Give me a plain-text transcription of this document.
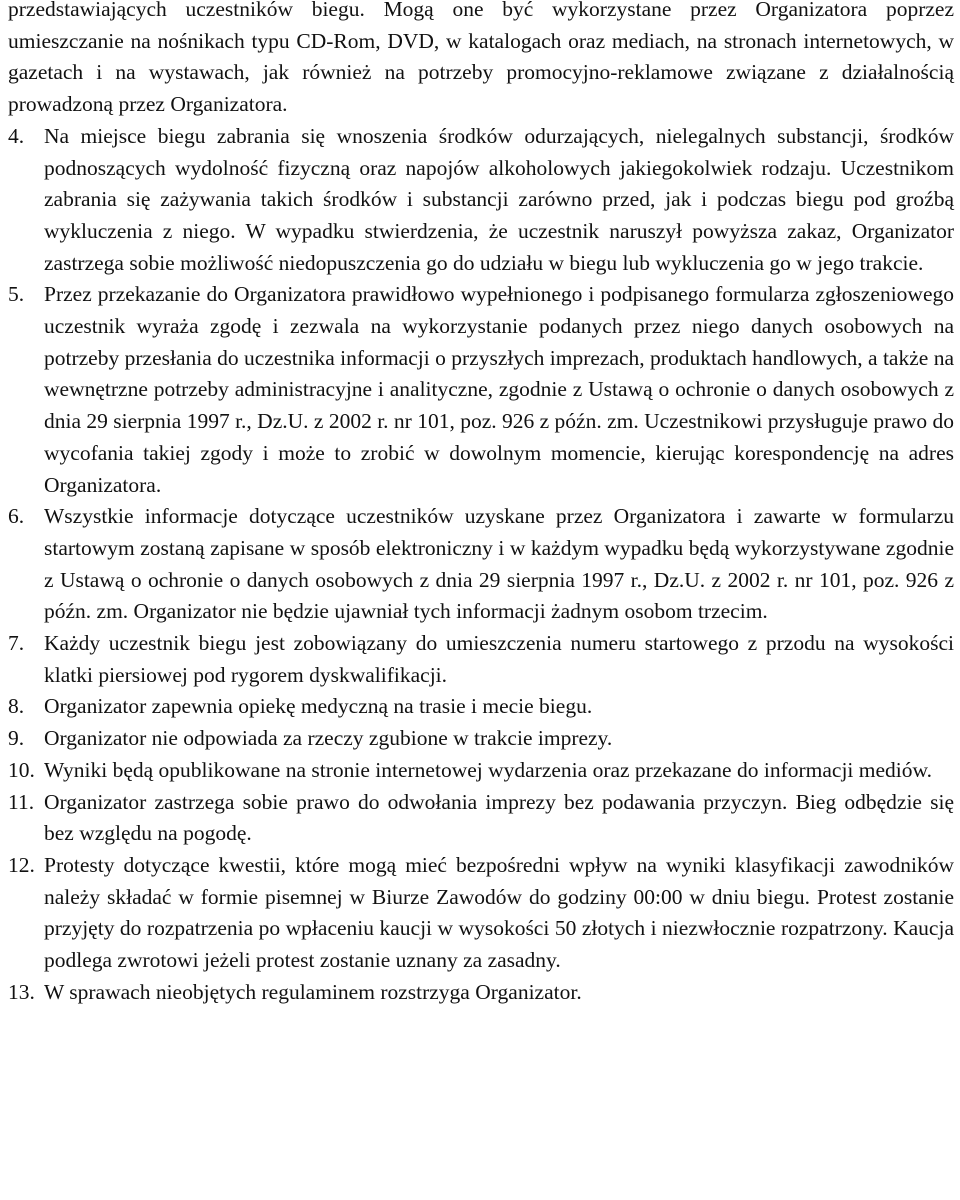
przedstawiających uczestników biegu. Mogą one być wykorzystane przez Organizatora poprzez umieszczanie na nośnikach typu CD-Rom, DVD, w katalogach oraz mediach, na stronach internetowych, w gazetach i na wystawach, jak również na potrzeby promocyjno-reklamowe związane z działalnością prowadzoną przez Organizatora.

4. Na miejsce biegu zabrania się wnoszenia środków odurzających, nielegalnych substancji, środków podnoszących wydolność fizyczną oraz napojów alkoholowych jakiegokolwiek rodzaju. Uczestnikom zabrania się zażywania takich środków i substancji zarówno przed, jak i podczas biegu pod groźbą wykluczenia z niego. W wypadku stwierdzenia, że uczestnik naruszył powyższa zakaz, Organizator zastrzega sobie możliwość niedopuszczenia go do udziału w biegu lub wykluczenia go w jego trakcie.
5. Przez przekazanie do Organizatora prawidłowo wypełnionego i podpisanego formularza zgłoszeniowego uczestnik wyraża zgodę i zezwala na wykorzystanie podanych przez niego danych osobowych na potrzeby przesłania do uczestnika informacji o przyszłych imprezach, produktach handlowych, a także na wewnętrzne potrzeby administracyjne i analityczne, zgodnie z Ustawą o ochronie o danych osobowych z dnia 29 sierpnia 1997 r., Dz.U. z 2002 r. nr 101, poz. 926 z późn. zm. Uczestnikowi przysługuje prawo do wycofania takiej zgody i może to zrobić w dowolnym momencie, kierując korespondencję na adres Organizatora.
6. Wszystkie informacje dotyczące uczestników uzyskane przez Organizatora i zawarte w formularzu startowym zostaną zapisane w sposób elektroniczny i w każdym wypadku będą wykorzystywane zgodnie z Ustawą o ochronie o danych osobowych z dnia 29 sierpnia 1997 r., Dz.U. z 2002 r. nr 101, poz. 926 z późn. zm. Organizator nie będzie ujawniał tych informacji żadnym osobom trzecim.
7. Każdy uczestnik biegu jest zobowiązany do umieszczenia numeru startowego z przodu na wysokości klatki piersiowej pod rygorem dyskwalifikacji.
8. Organizator zapewnia opiekę medyczną na trasie i mecie biegu.
9. Organizator nie odpowiada za rzeczy zgubione w trakcie imprezy.
10. Wyniki będą opublikowane na stronie internetowej wydarzenia oraz przekazane do informacji mediów.
11. Organizator zastrzega sobie prawo do odwołania imprezy bez podawania przyczyn. Bieg odbędzie się bez względu na pogodę.
12. Protesty dotyczące kwestii, które mogą mieć bezpośredni wpływ na wyniki klasyfikacji zawodników należy składać w formie pisemnej w Biurze Zawodów do godziny 00:00 w dniu biegu. Protest zostanie przyjęty do rozpatrzenia po wpłaceniu kaucji w wysokości 50 złotych i niezwłocznie rozpatrzony. Kaucja podlega zwrotowi jeżeli protest zostanie uznany za zasadny.
13. W sprawach nieobjętych regulaminem rozstrzyga Organizator.
